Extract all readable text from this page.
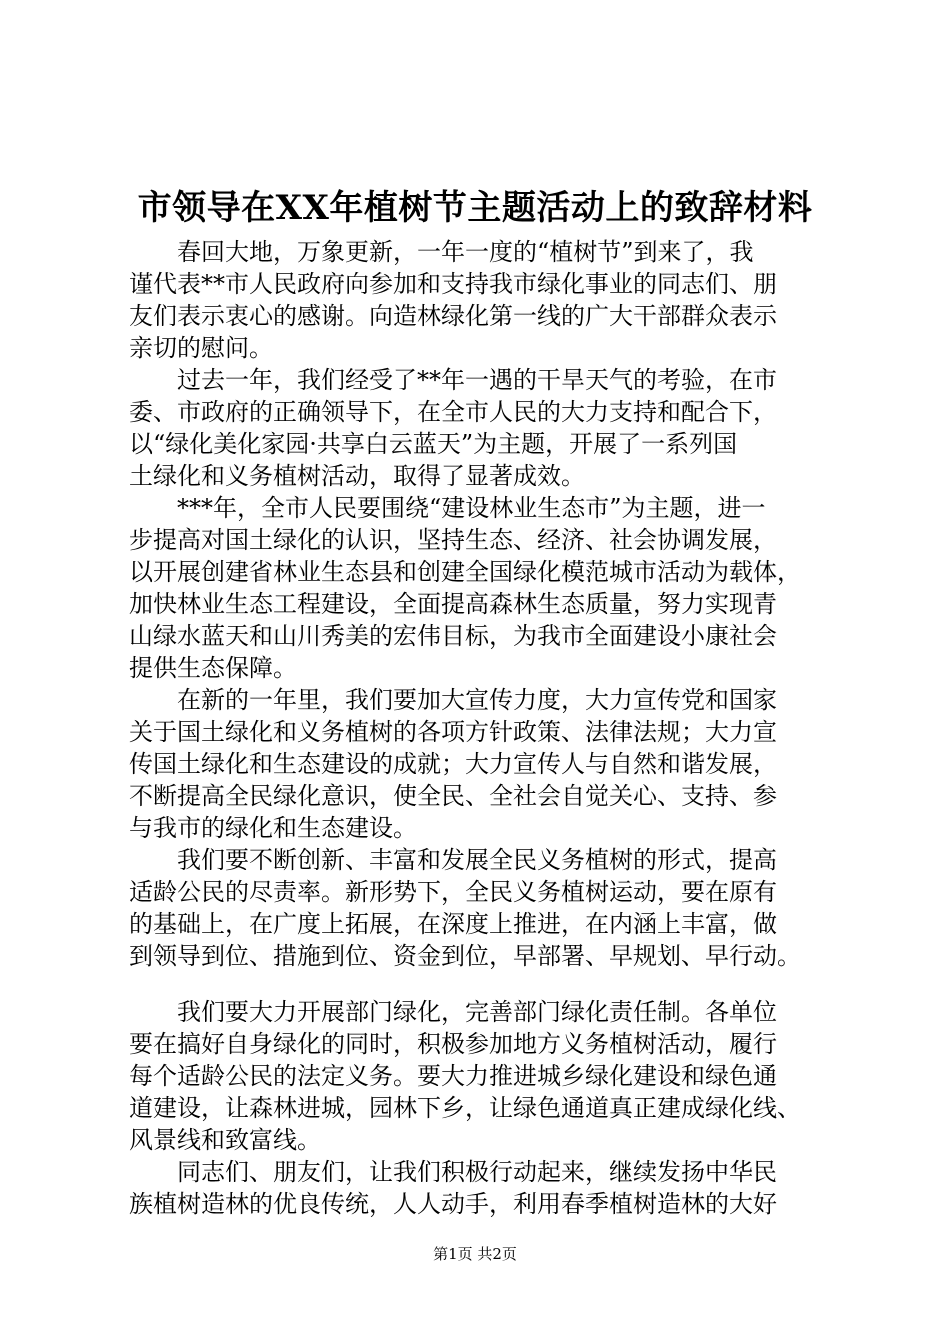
市领导在XX年植树节主题活动上的致辞材料
春回大地，万象更新，一年一度的“植树节”到来了，我
谨代表**市人民政府向参加和支持我市绿化事业的同志们、朋
友们表示衷心的感谢。向造林绿化第一线的广大干部群众表示
亲切的慰问。
过去一年，我们经受了**年一遇的干旱天气的考验，在市
委、市政府的正确领导下，在全市人民的大力支持和配合下，
以“绿化美化家园·共享白云蓝天”为主题，开展了一系列国
土绿化和义务植树活动，取得了显著成效。
***年，全市人民要围绕“建设林业生态市”为主题，进一
步提高对国土绿化的认识，坚持生态、经济、社会协调发展，
以开展创建省林业生态县和创建全国绿化模范城市活动为载体，
加快林业生态工程建设，全面提高森林生态质量，努力实现青
山绿水蓝天和山川秀美的宏伟目标，为我市全面建设小康社会
提供生态保障。
在新的一年里，我们要加大宣传力度，大力宣传党和国家
关于国土绿化和义务植树的各项方针政策、法律法规；大力宣
传国土绿化和生态建设的成就；大力宣传人与自然和谐发展，
不断提高全民绿化意识，使全民、全社会自觉关心、支持、参
与我市的绿化和生态建设。
我们要不断创新、丰富和发展全民义务植树的形式，提高
适龄公民的尽责率。新形势下，全民义务植树运动，要在原有
的基础上，在广度上拓展，在深度上推进，在内涵上丰富，做
到领导到位、措施到位、资金到位，早部署、早规划、早行动。
我们要大力开展部门绿化，完善部门绿化责任制。各单位
要在搞好自身绿化的同时，积极参加地方义务植树活动，履行
每个适龄公民的法定义务。要大力推进城乡绿化建设和绿色通
道建设，让森林进城，园林下乡，让绿色通道真正建成绿化线、
风景线和致富线。
同志们、朋友们，让我们积极行动起来，继续发扬中华民
族植树造林的优良传统，人人动手，利用春季植树造林的大好
第1页 共2页
